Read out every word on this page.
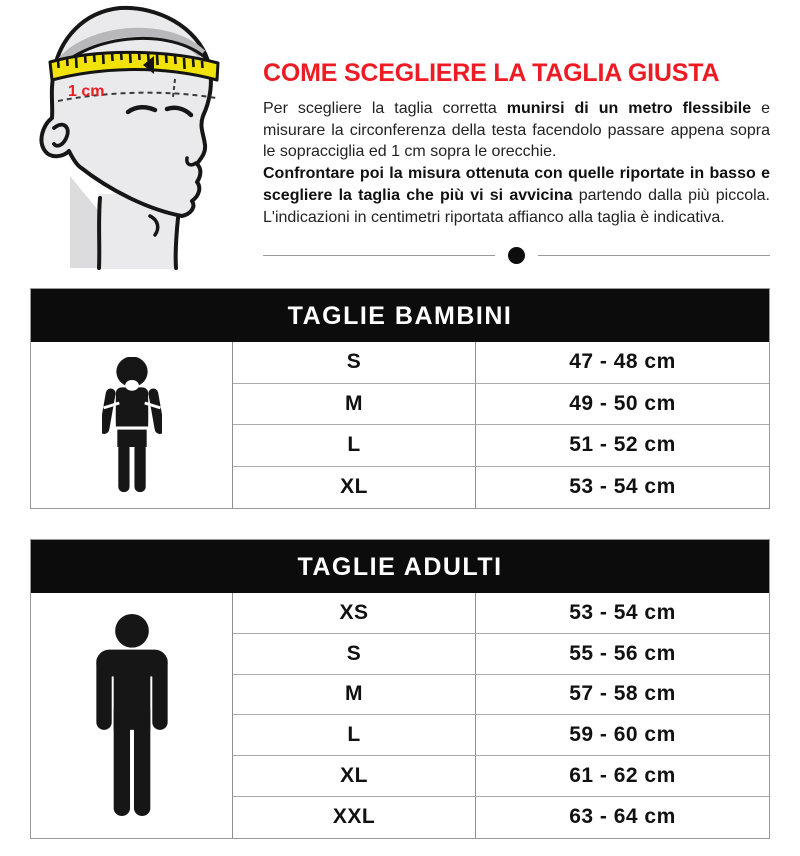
1 cm
COME SCEGLIERE LA TAGLIA GIUSTA

Per scegliere la taglia corretta munirsi di un metro flessibile e misurare la circonferenza della testa facendolo passare appena sopra le sopracciglia ed 1 cm sopra le orecchie.

Confrontare poi la misura ottenuta con quelle riportate in basso e scegliere la taglia che più vi si avvicina partendo dalla più piccola. L'indicazioni in centimetri riportata affianco alla taglia è indicativa.

TAGLIE BAMBINI
S	47 - 48 cm
M	49 - 50 cm
L	51 - 52 cm
XL	53 - 54 cm
TAGLIE ADULTI
XS	53 - 54 cm
S	55 - 56 cm
M	57 - 58 cm
L	59 - 60 cm
XL	61 - 62 cm
XXL	63 - 64 cm
